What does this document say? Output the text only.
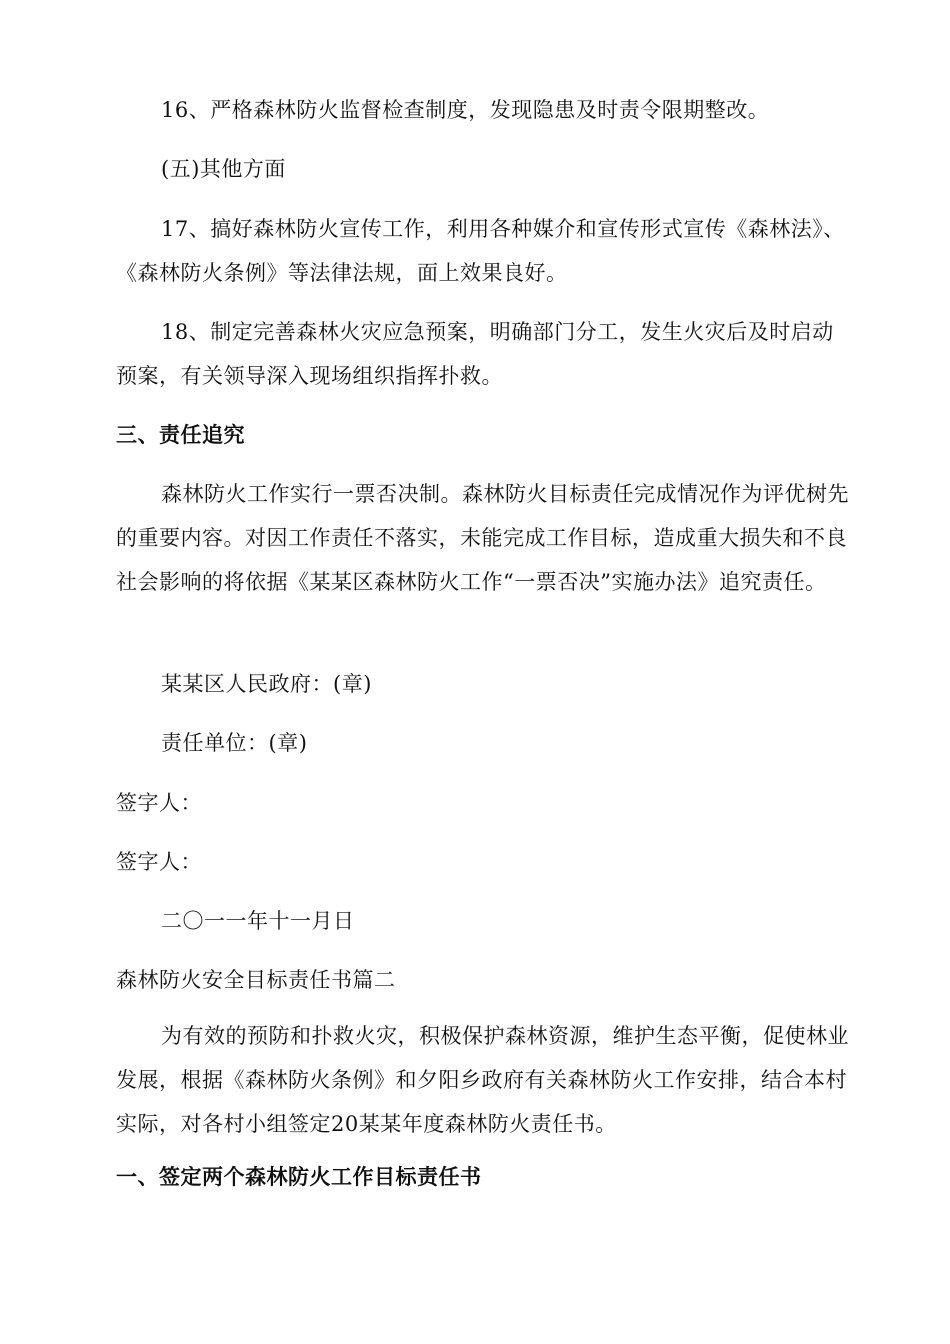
16、严格森林防火监督检查制度，发现隐患及时责令限期整改。

(五)其他方面

17、搞好森林防火宣传工作，利用各种媒介和宣传形式宣传《森林法》、《森林防火条例》等法律法规，面上效果良好。

18、制定完善森林火灾应急预案，明确部门分工，发生火灾后及时启动预案，有关领导深入现场组织指挥扑救。

三、责任追究

森林防火工作实行一票否决制。森林防火目标责任完成情况作为评优树先的重要内容。对因工作责任不落实，未能完成工作目标，造成重大损失和不良社会影响的将依据《某某区森林防火工作“一票否决”实施办法》追究责任。

某某区人民政府：(章)

责任单位：(章)

签字人：

签字人：

二〇一一年十一月日

森林防火安全目标责任书篇二

为有效的预防和扑救火灾，积极保护森林资源，维护生态平衡，促使林业发展，根据《森林防火条例》和夕阳乡政府有关森林防火工作安排，结合本村实际，对各村小组签定20某某年度森林防火责任书。

一、签定两个森林防火工作目标责任书
